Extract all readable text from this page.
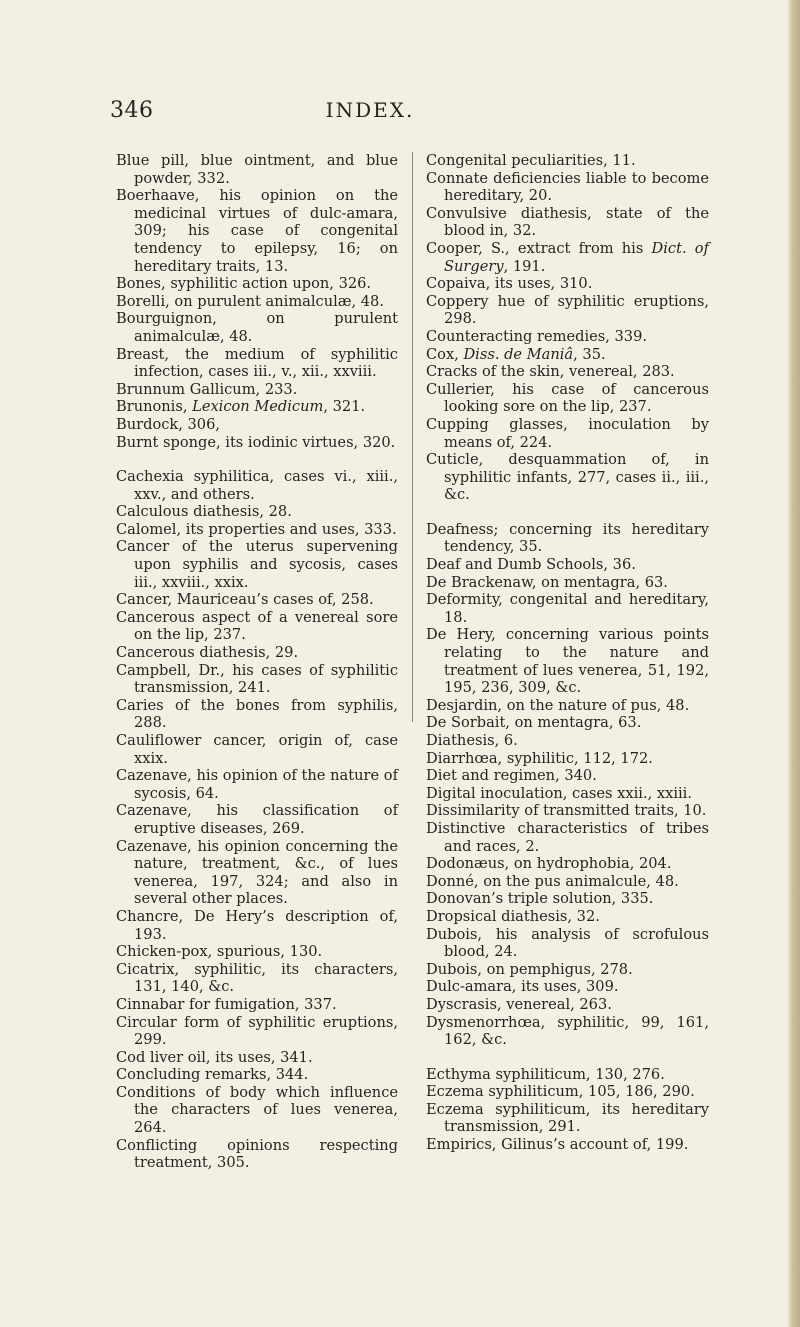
346	INDEX.
Blue pill, blue ointment, and blue powder, 332.
Boerhaave, his opinion on the medicinal virtues of dulc-amara, 309; his case of congenital tendency to epilepsy, 16; on hereditary traits, 13.
Bones, syphilitic action upon, 326.
Borelli, on purulent animalculæ, 48.
Bourguignon, on purulent animalculæ, 48.
Breast, the medium of syphilitic infection, cases iii., v., xii., xxviii.
Brunnum Gallicum, 233.
Brunonis, Lexicon Medicum, 321.
Burdock, 306,
Burnt sponge, its iodinic virtues, 320.
Cachexia syphilitica, cases vi., xiii., xxv., and others.
Calculous diathesis, 28.
Calomel, its properties and uses, 333.
Cancer of the uterus supervening upon syphilis and sycosis, cases iii., xxviii., xxix.
Cancer, Mauriceau’s cases of, 258.
Cancerous aspect of a venereal sore on the lip, 237.
Cancerous diathesis, 29.
Campbell, Dr., his cases of syphilitic transmission, 241.
Caries of the bones from syphilis, 288.
Cauliflower cancer, origin of, case xxix.
Cazenave, his opinion of the nature of sycosis, 64.
Cazenave, his classification of eruptive diseases, 269.
Cazenave, his opinion concerning the nature, treatment, &c., of lues venerea, 197, 324; and also in several other places.
Chancre, De Hery’s description of, 193.
Chicken-pox, spurious, 130.
Cicatrix, syphilitic, its characters, 131, 140, &c.
Cinnabar for fumigation, 337.
Circular form of syphilitic eruptions, 299.
Cod liver oil, its uses, 341.
Concluding remarks, 344.
Conditions of body which influence the characters of lues venerea, 264.
Conflicting opinions respecting treatment, 305.
Congenital peculiarities, 11.
Connate deficiencies liable to become hereditary, 20.
Convulsive diathesis, state of the blood in, 32.
Cooper, S., extract from his Dict. of Surgery, 191.
Copaiva, its uses, 310.
Coppery hue of syphilitic eruptions, 298.
Counteracting remedies, 339.
Cox, Diss. de Maniâ, 35.
Cracks of the skin, venereal, 283.
Cullerier, his case of cancerous looking sore on the lip, 237.
Cupping glasses, inoculation by means of, 224.
Cuticle, desquammation of, in syphilitic infants, 277, cases ii., iii., &c.
Deafness; concerning its hereditary tendency, 35.
Deaf and Dumb Schools, 36.
De Brackenaw, on mentagra, 63.
Deformity, congenital and hereditary, 18.
De Hery, concerning various points relating to the nature and treatment of lues venerea, 51, 192, 195, 236, 309, &c.
Desjardin, on the nature of pus, 48.
De Sorbait, on mentagra, 63.
Diathesis, 6.
Diarrhœa, syphilitic, 112, 172.
Diet and regimen, 340.
Digital inoculation, cases xxii., xxiii.
Dissimilarity of transmitted traits, 10.
Distinctive characteristics of tribes and races, 2.
Dodonæus, on hydrophobia, 204.
Donné, on the pus animalcule, 48.
Donovan’s triple solution, 335.
Dropsical diathesis, 32.
Dubois, his analysis of scrofulous blood, 24.
Dubois, on pemphigus, 278.
Dulc-amara, its uses, 309.
Dyscrasis, venereal, 263.
Dysmenorrhœa, syphilitic, 99, 161, 162, &c.
Ecthyma syphiliticum, 130, 276.
Eczema syphiliticum, 105, 186, 290.
Eczema syphiliticum, its hereditary transmission, 291.
Empirics, Gilinus’s account of, 199.
